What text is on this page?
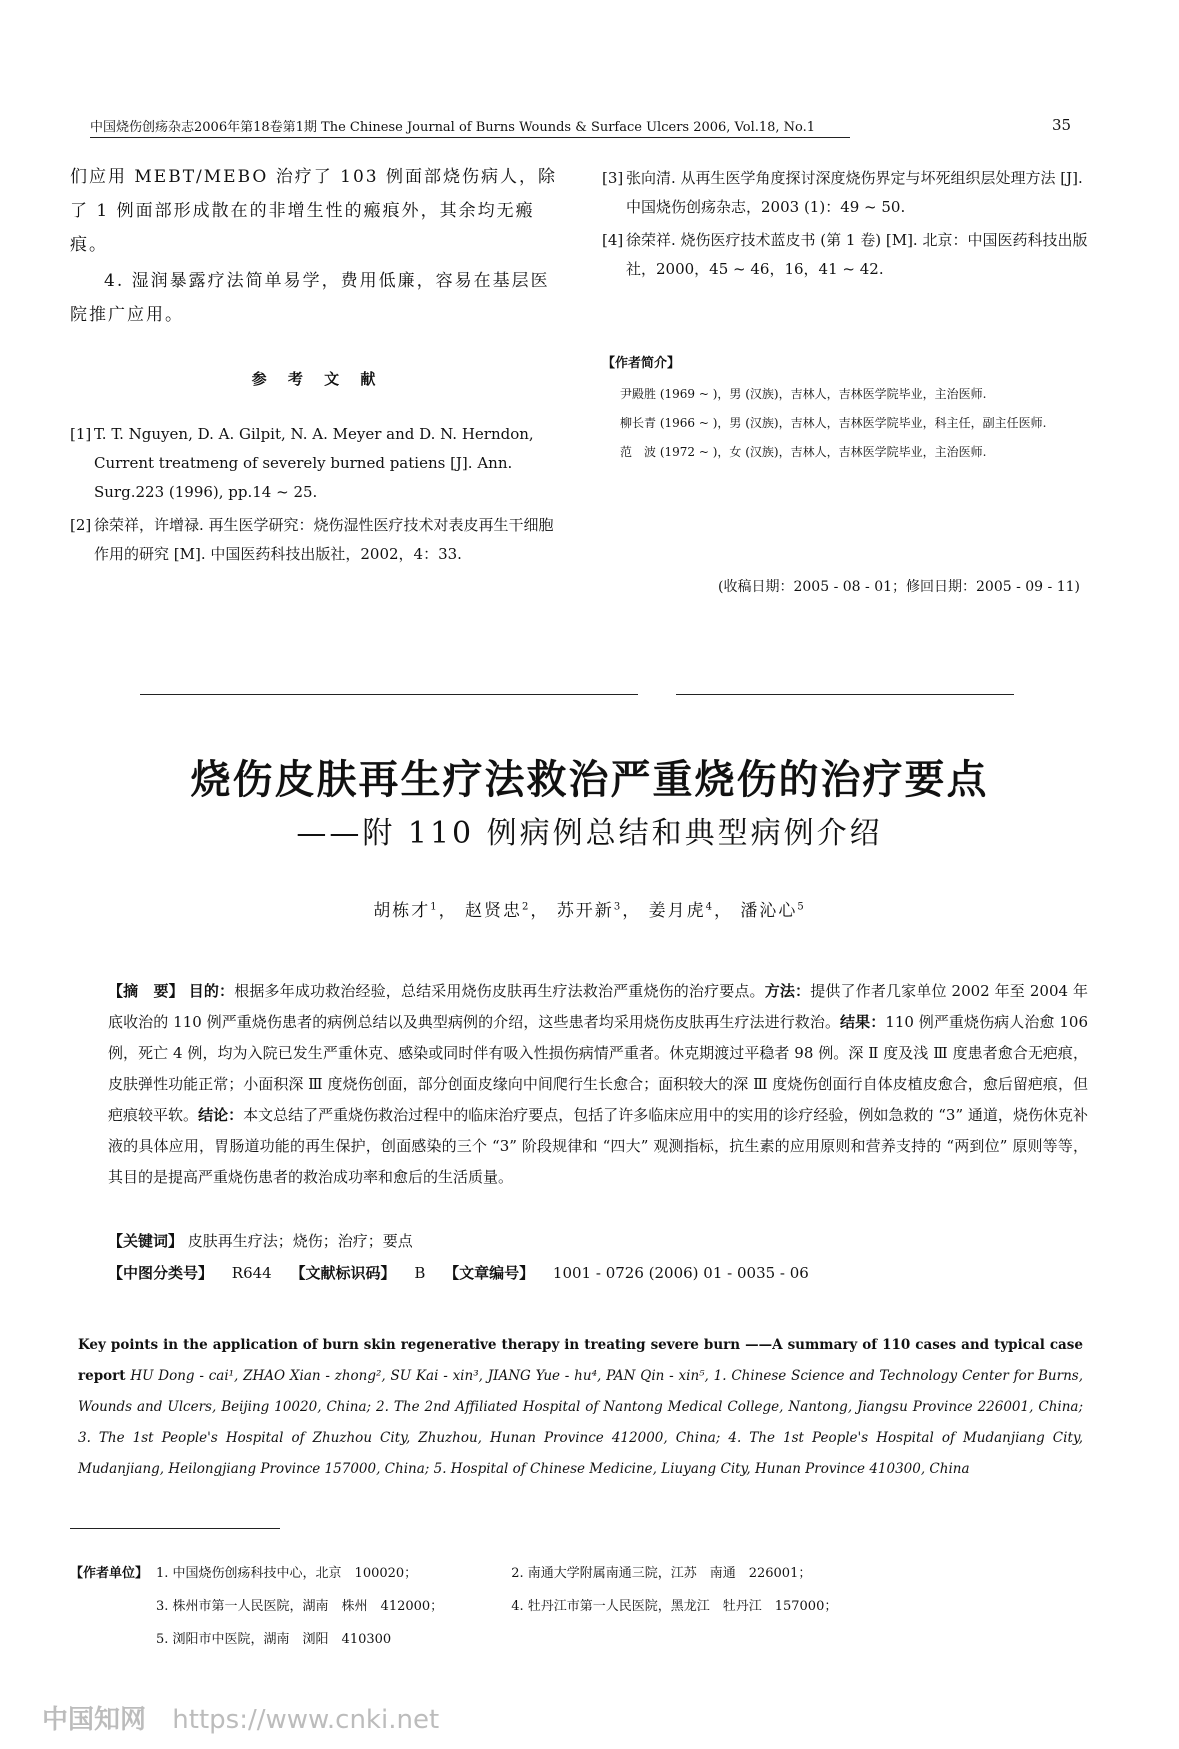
中国烧伤创疡杂志2006年第18卷第1期 The Chinese Journal of Burns Wounds & Surface Ulcers 2006, Vol.18, No.1	35
们应用 MEBT/MEBO 治疗了 103 例面部烧伤病人，除了 1 例面部形成散在的非增生性的瘢痕外，其余均无瘢痕。
4. 湿润暴露疗法简单易学，费用低廉，容易在基层医院推广应用。
参 考 文 献
[1] T. T. Nguyen, D. A. Gilpit, N. A. Meyer and D. N. Herndon, Current treatmeng of severely burned patiens [J]. Ann. Surg.223 (1996), pp.14 ~ 25.
[2] 徐荣祥，许增禄. 再生医学研究：烧伤湿性医疗技术对表皮再生干细胞作用的研究 [M]. 中国医药科技出版社，2002，4：33.
[3] 张向清. 从再生医学角度探讨深度烧伤界定与坏死组织层处理方法 [J]. 中国烧伤创疡杂志，2003 (1)：49 ~ 50.
[4] 徐荣祥. 烧伤医疗技术蓝皮书 (第 1 卷) [M]. 北京：中国医药科技出版社，2000，45 ~ 46，16，41 ~ 42.
【作者简介】
尹殿胜 (1969 ~ )，男 (汉族)，吉林人，吉林医学院毕业，主治医师.
柳长青 (1966 ~ )，男 (汉族)，吉林人，吉林医学院毕业，科主任，副主任医师.
范　波 (1972 ~ )，女 (汉族)，吉林人，吉林医学院毕业，主治医师.
(收稿日期：2005 - 08 - 01；修回日期：2005 - 09 - 11)
烧伤皮肤再生疗法救治严重烧伤的治疗要点
——附 110 例病例总结和典型病例介绍
胡栋才$^1$， 赵贤忠$^2$， 苏开新$^3$， 姜月虎$^4$， 潘沁心$^5$
【摘　要】 目的：根据多年成功救治经验，总结采用烧伤皮肤再生疗法救治严重烧伤的治疗要点。方法：提供了作者几家单位 2002 年至 2004 年底收治的 110 例严重烧伤患者的病例总结以及典型病例的介绍，这些患者均采用烧伤皮肤再生疗法进行救治。结果：110 例严重烧伤病人治愈 106 例，死亡 4 例，均为入院已发生严重休克、感染或同时伴有吸入性损伤病情严重者。休克期渡过平稳者 98 例。深 Ⅱ 度及浅 Ⅲ 度患者愈合无疤痕，皮肤弹性功能正常；小面积深 Ⅲ 度烧伤创面，部分创面皮缘向中间爬行生长愈合；面积较大的深 Ⅲ 度烧伤创面行自体皮植皮愈合，愈后留疤痕，但疤痕较平软。结论：本文总结了严重烧伤救治过程中的临床治疗要点，包括了许多临床应用中的实用的诊疗经验，例如急救的 “3” 通道，烧伤休克补液的具体应用，胃肠道功能的再生保护，创面感染的三个 “3” 阶段规律和 “四大” 观测指标，抗生素的应用原则和营养支持的 “两到位” 原则等等，其目的是提高严重烧伤患者的救治成功率和愈后的生活质量。
【关键词】 皮肤再生疗法；烧伤；治疗；要点
【中图分类号】 R644 【文献标识码】 B 【文章编号】 1001 - 0726 (2006) 01 - 0035 - 06
Key points in the application of burn skin regenerative therapy in treating severe burn ——A summary of 110 cases and typical case report HU Dong - cai¹, ZHAO Xian - zhong², SU Kai - xin³, JIANG Yue - hu⁴, PAN Qin - xin⁵, 1. Chinese Science and Technology Center for Burns, Wounds and Ulcers, Beijing 10020, China; 2. The 2nd Affiliated Hospital of Nantong Medical College, Nantong, Jiangsu Province 226001, China; 3. The 1st People's Hospital of Zhuzhou City, Zhuzhou, Hunan Province 412000, China; 4. The 1st People's Hospital of Mudanjiang City, Mudanjiang, Heilongjiang Province 157000, China; 5. Hospital of Chinese Medicine, Liuyang City, Hunan Province 410300, China
【作者单位】	1. 中国烧伤创疡科技中心，北京　100020；	2. 南通大学附属南通三院，江苏　南通　226001；
	3. 株州市第一人民医院，湖南　株州　412000；	4. 牡丹江市第一人民医院，黑龙江　牡丹江　157000；
	5. 浏阳市中医院，湖南　浏阳　410300	
中国知网 https://www.cnki.net
